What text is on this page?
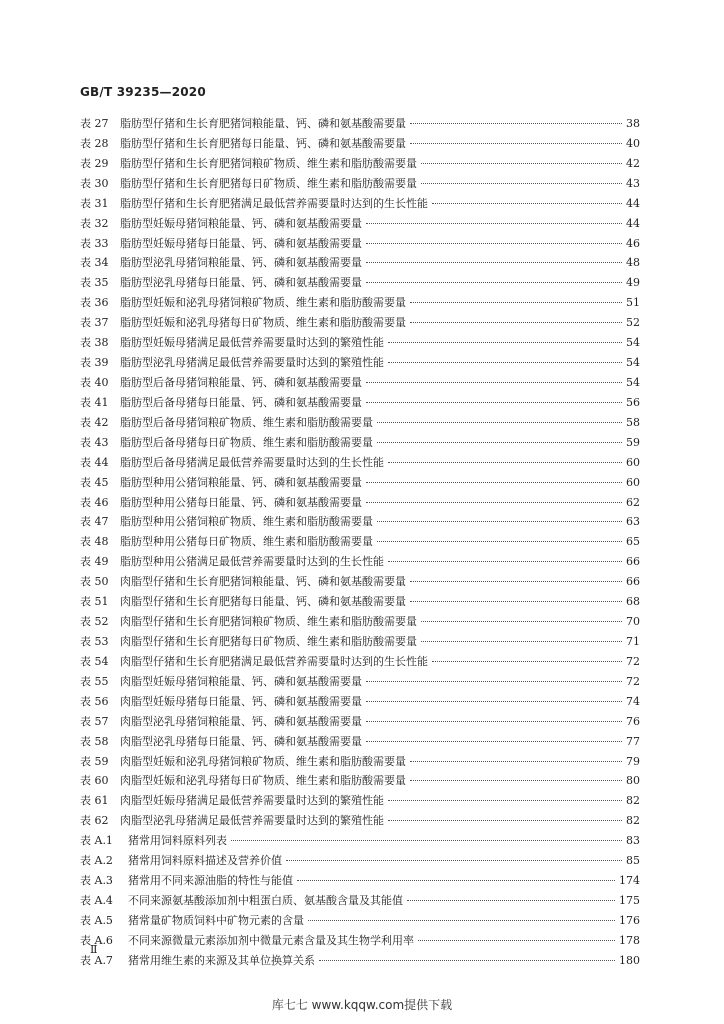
GB/T 39235—2020
表 27	脂肪型仔猪和生长育肥猪饲粮能量、钙、磷和氨基酸需要量	38
表 28	脂肪型仔猪和生长育肥猪每日能量、钙、磷和氨基酸需要量	40
表 29	脂肪型仔猪和生长育肥猪饲粮矿物质、维生素和脂肪酸需要量	42
表 30	脂肪型仔猪和生长育肥猪每日矿物质、维生素和脂肪酸需要量	43
表 31	脂肪型仔猪和生长育肥猪满足最低营养需要量时达到的生长性能	44
表 32	脂肪型妊娠母猪饲粮能量、钙、磷和氨基酸需要量	44
表 33	脂肪型妊娠母猪每日能量、钙、磷和氨基酸需要量	46
表 34	脂肪型泌乳母猪饲粮能量、钙、磷和氨基酸需要量	48
表 35	脂肪型泌乳母猪每日能量、钙、磷和氨基酸需要量	49
表 36	脂肪型妊娠和泌乳母猪饲粮矿物质、维生素和脂肪酸需要量	51
表 37	脂肪型妊娠和泌乳母猪每日矿物质、维生素和脂肪酸需要量	52
表 38	脂肪型妊娠母猪满足最低营养需要量时达到的繁殖性能	54
表 39	脂肪型泌乳母猪满足最低营养需要量时达到的繁殖性能	54
表 40	脂肪型后备母猪饲粮能量、钙、磷和氨基酸需要量	54
表 41	脂肪型后备母猪每日能量、钙、磷和氨基酸需要量	56
表 42	脂肪型后备母猪饲粮矿物质、维生素和脂肪酸需要量	58
表 43	脂肪型后备母猪每日矿物质、维生素和脂肪酸需要量	59
表 44	脂肪型后备母猪满足最低营养需要量时达到的生长性能	60
表 45	脂肪型种用公猪饲粮能量、钙、磷和氨基酸需要量	60
表 46	脂肪型种用公猪每日能量、钙、磷和氨基酸需要量	62
表 47	脂肪型种用公猪饲粮矿物质、维生素和脂肪酸需要量	63
表 48	脂肪型种用公猪每日矿物质、维生素和脂肪酸需要量	65
表 49	脂肪型种用公猪满足最低营养需要量时达到的生长性能	66
表 50	肉脂型仔猪和生长育肥猪饲粮能量、钙、磷和氨基酸需要量	66
表 51	肉脂型仔猪和生长育肥猪每日能量、钙、磷和氨基酸需要量	68
表 52	肉脂型仔猪和生长育肥猪饲粮矿物质、维生素和脂肪酸需要量	70
表 53	肉脂型仔猪和生长育肥猪每日矿物质、维生素和脂肪酸需要量	71
表 54	肉脂型仔猪和生长育肥猪满足最低营养需要量时达到的生长性能	72
表 55	肉脂型妊娠母猪饲粮能量、钙、磷和氨基酸需要量	72
表 56	肉脂型妊娠母猪每日能量、钙、磷和氨基酸需要量	74
表 57	肉脂型泌乳母猪饲粮能量、钙、磷和氨基酸需要量	76
表 58	肉脂型泌乳母猪每日能量、钙、磷和氨基酸需要量	77
表 59	肉脂型妊娠和泌乳母猪饲粮矿物质、维生素和脂肪酸需要量	79
表 60	肉脂型妊娠和泌乳母猪每日矿物质、维生素和脂肪酸需要量	80
表 61	肉脂型妊娠母猪满足最低营养需要量时达到的繁殖性能	82
表 62	肉脂型泌乳母猪满足最低营养需要量时达到的繁殖性能	82
表 A.1	猪常用饲料原料列表	83
表 A.2	猪常用饲料原料描述及营养价值	85
表 A.3	猪常用不同来源油脂的特性与能值	174
表 A.4	不同来源氨基酸添加剂中粗蛋白质、氨基酸含量及其能值	175
表 A.5	猪常量矿物质饲料中矿物元素的含量	176
表 A.6	不同来源微量元素添加剂中微量元素含量及其生物学利用率	178
表 A.7	猪常用维生素的来源及其单位换算关系	180
Ⅱ
库七七 www.kqqw.com提供下载
